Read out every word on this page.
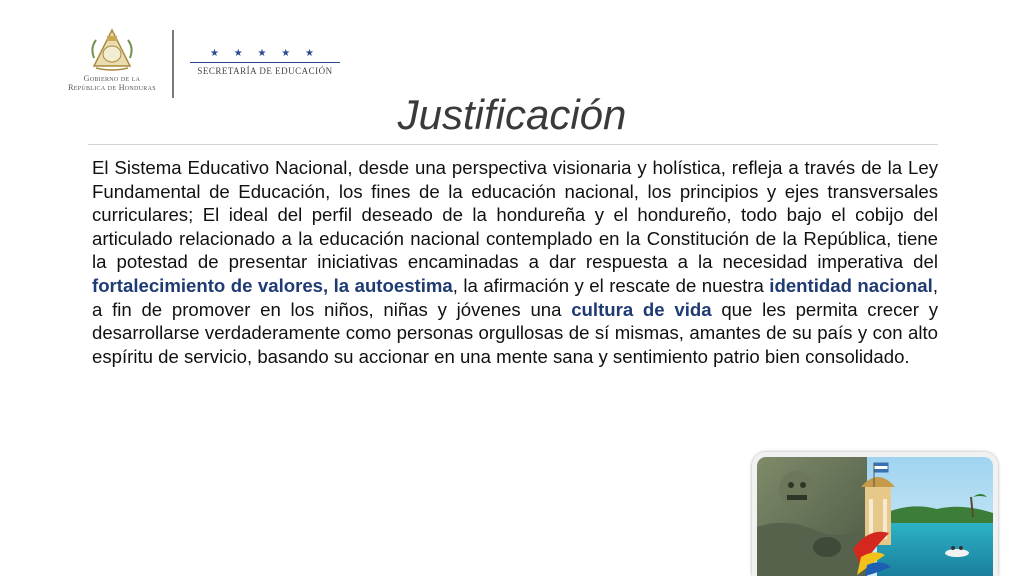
Gobierno de la
República de Honduras
★ ★ ★ ★ ★
SECRETARÍA DE EDUCACIÓN
Justificación
El Sistema Educativo Nacional, desde una perspectiva visionaria y holística, refleja a través de la Ley Fundamental de Educación, los fines de la educación nacional, los principios y ejes transversales curriculares; El ideal del perfil deseado de la hondureña y el hondureño, todo bajo el cobijo del articulado relacionado a la educación nacional contemplado en la Constitución de la República, tiene la potestad de presentar iniciativas encaminadas a dar respuesta a la necesidad imperativa del fortalecimiento de valores, la autoestima, la afirmación y el rescate de nuestra identidad nacional, a fin de promover en los niños, niñas y jóvenes una cultura de vida que les permita crecer y desarrollarse verdaderamente como personas orgullosas de sí mismas, amantes de su país y con alto espíritu de servicio, basando su accionar en una mente sana y sentimiento patrio bien consolidado.
